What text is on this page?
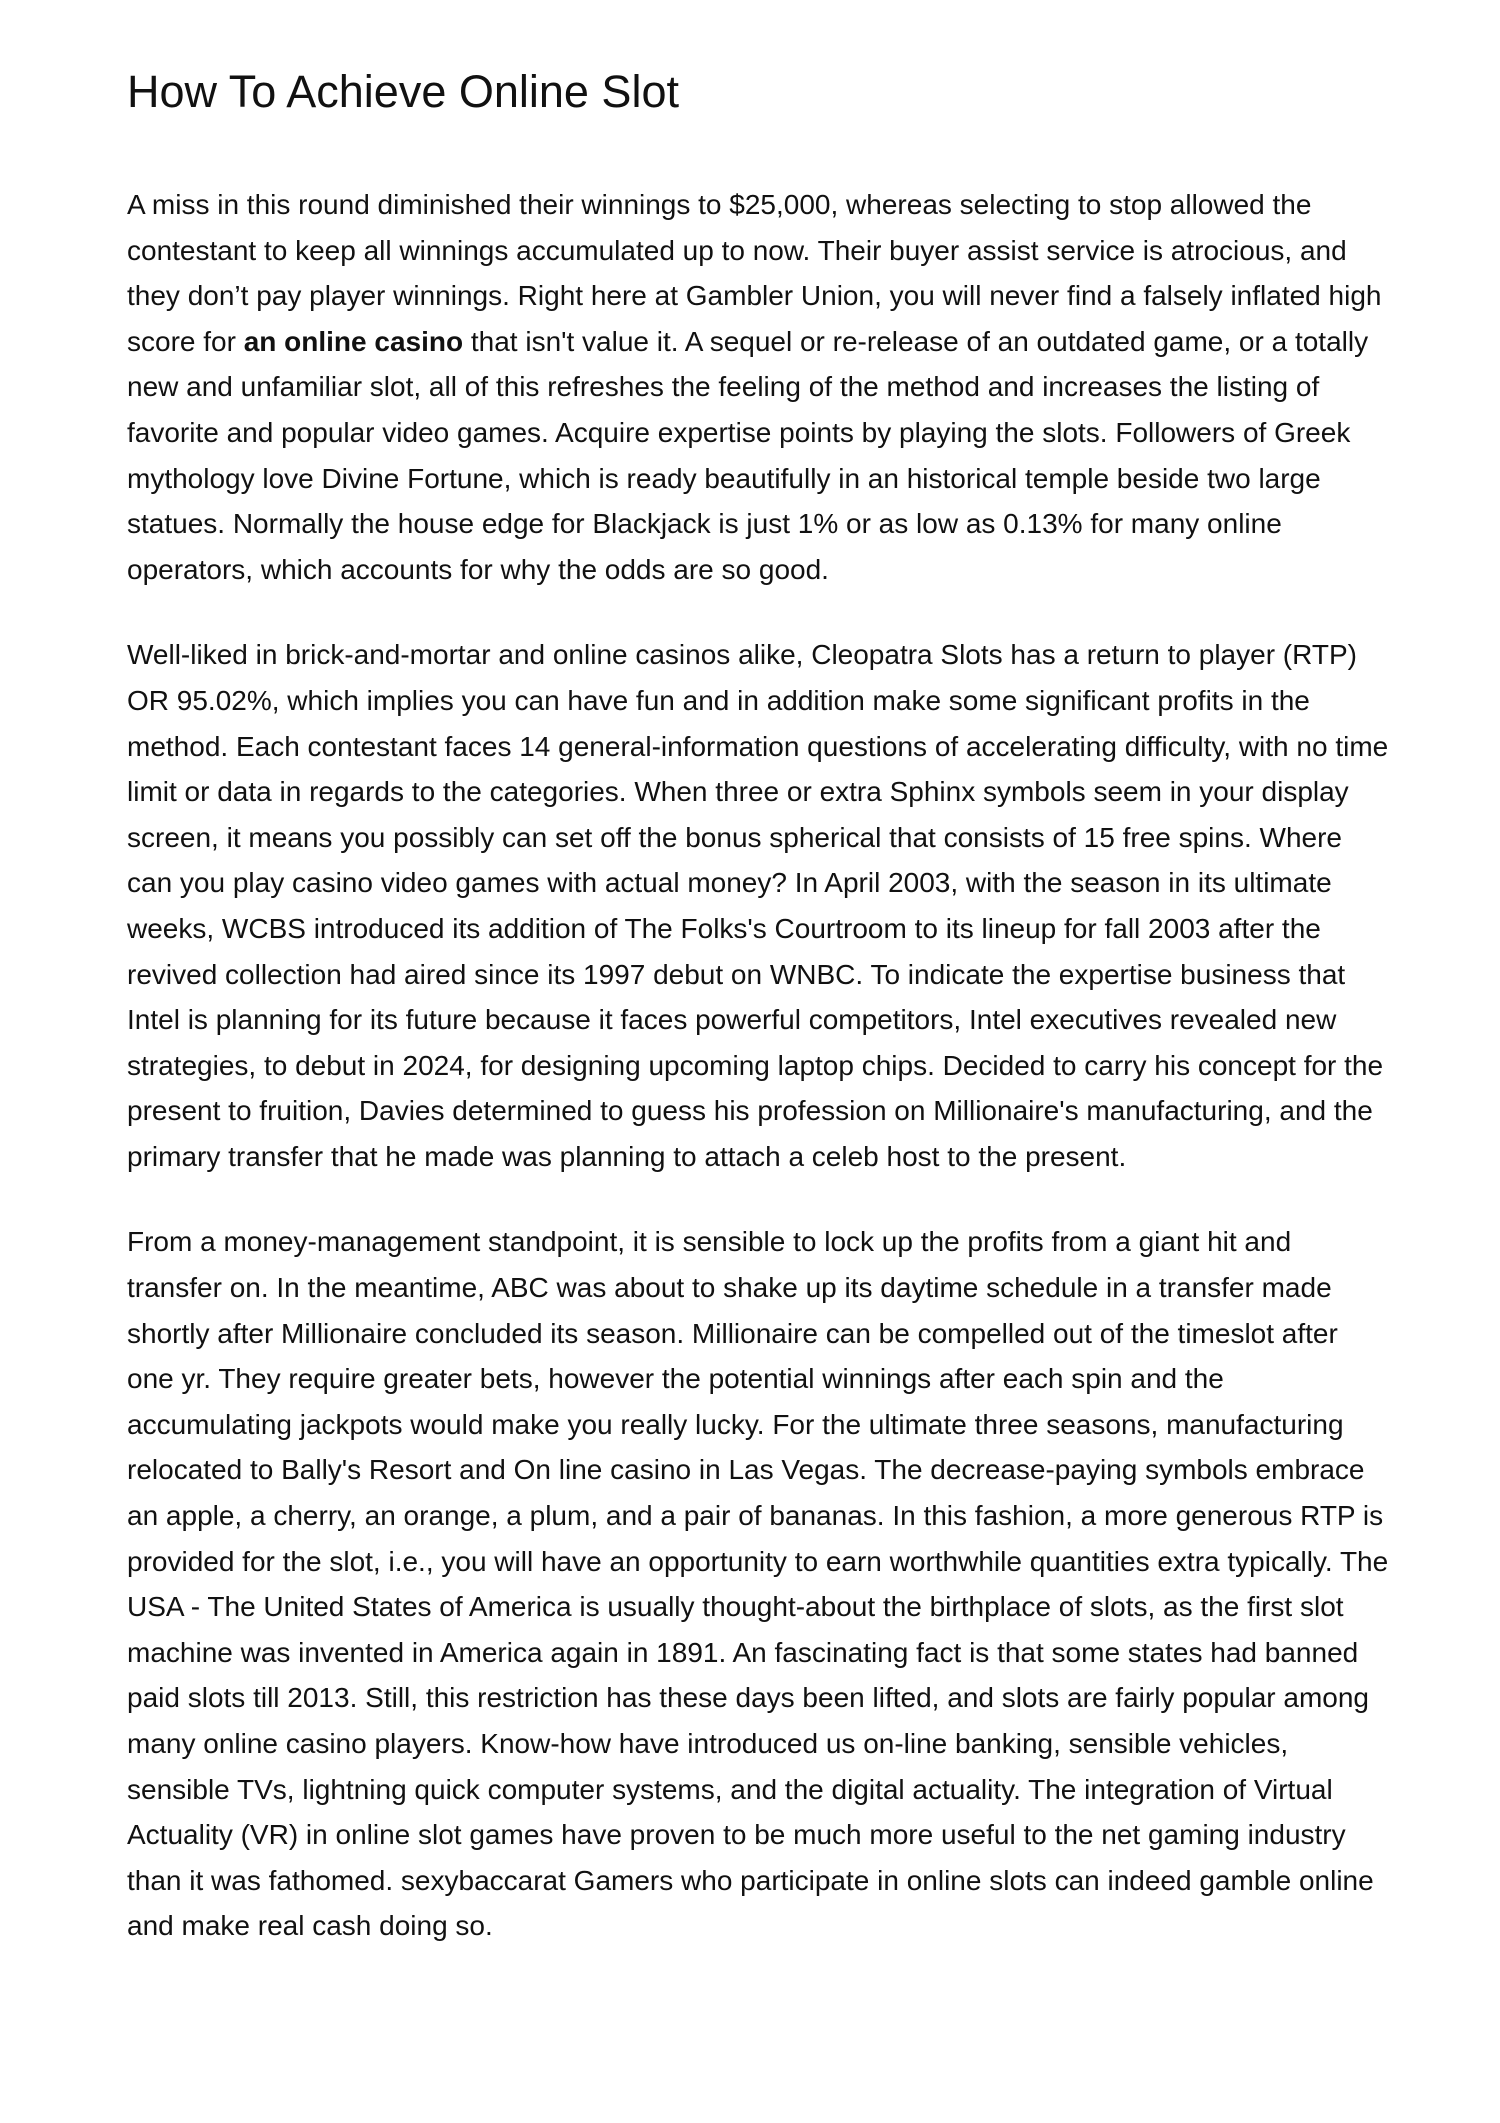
How To Achieve Online Slot

A miss in this round diminished their winnings to $25,000, whereas selecting to stop allowed the contestant to keep all winnings accumulated up to now. Their buyer assist service is atrocious, and they don’t pay player winnings. Right here at Gambler Union, you will never find a falsely inflated high score for an online casino that isn't value it. A sequel or re-release of an outdated game, or a totally new and unfamiliar slot, all of this refreshes the feeling of the method and increases the listing of favorite and popular video games. Acquire expertise points by playing the slots. Followers of Greek mythology love Divine Fortune, which is ready beautifully in an historical temple beside two large statues. Normally the house edge for Blackjack is just 1% or as low as 0.13% for many online operators, which accounts for why the odds are so good.

Well-liked in brick-and-mortar and online casinos alike, Cleopatra Slots has a return to player (RTP) OR 95.02%, which implies you can have fun and in addition make some significant profits in the method. Each contestant faces 14 general-information questions of accelerating difficulty, with no time limit or data in regards to the categories. When three or extra Sphinx symbols seem in your display screen, it means you possibly can set off the bonus spherical that consists of 15 free spins. Where can you play casino video games with actual money? In April 2003, with the season in its ultimate weeks, WCBS introduced its addition of The Folks's Courtroom to its lineup for fall 2003 after the revived collection had aired since its 1997 debut on WNBC. To indicate the expertise business that Intel is planning for its future because it faces powerful competitors, Intel executives revealed new strategies, to debut in 2024, for designing upcoming laptop chips. Decided to carry his concept for the present to fruition, Davies determined to guess his profession on Millionaire's manufacturing, and the primary transfer that he made was planning to attach a celeb host to the present.

From a money-management standpoint, it is sensible to lock up the profits from a giant hit and transfer on. In the meantime, ABC was about to shake up its daytime schedule in a transfer made shortly after Millionaire concluded its season. Millionaire can be compelled out of the timeslot after one yr. They require greater bets, however the potential winnings after each spin and the accumulating jackpots would make you really lucky. For the ultimate three seasons, manufacturing relocated to Bally's Resort and On line casino in Las Vegas. The decrease-paying symbols embrace an apple, a cherry, an orange, a plum, and a pair of bananas. In this fashion, a more generous RTP is provided for the slot, i.e., you will have an opportunity to earn worthwhile quantities extra typically. The USA - The United States of America is usually thought-about the birthplace of slots, as the first slot machine was invented in America again in 1891. An fascinating fact is that some states had banned paid slots till 2013. Still, this restriction has these days been lifted, and slots are fairly popular among many online casino players. Know-how have introduced us on-line banking, sensible vehicles, sensible TVs, lightning quick computer systems, and the digital actuality. The integration of Virtual Actuality (VR) in online slot games have proven to be much more useful to the net gaming industry than it was fathomed. sexybaccarat Gamers who participate in online slots can indeed gamble online and make real cash doing so.
